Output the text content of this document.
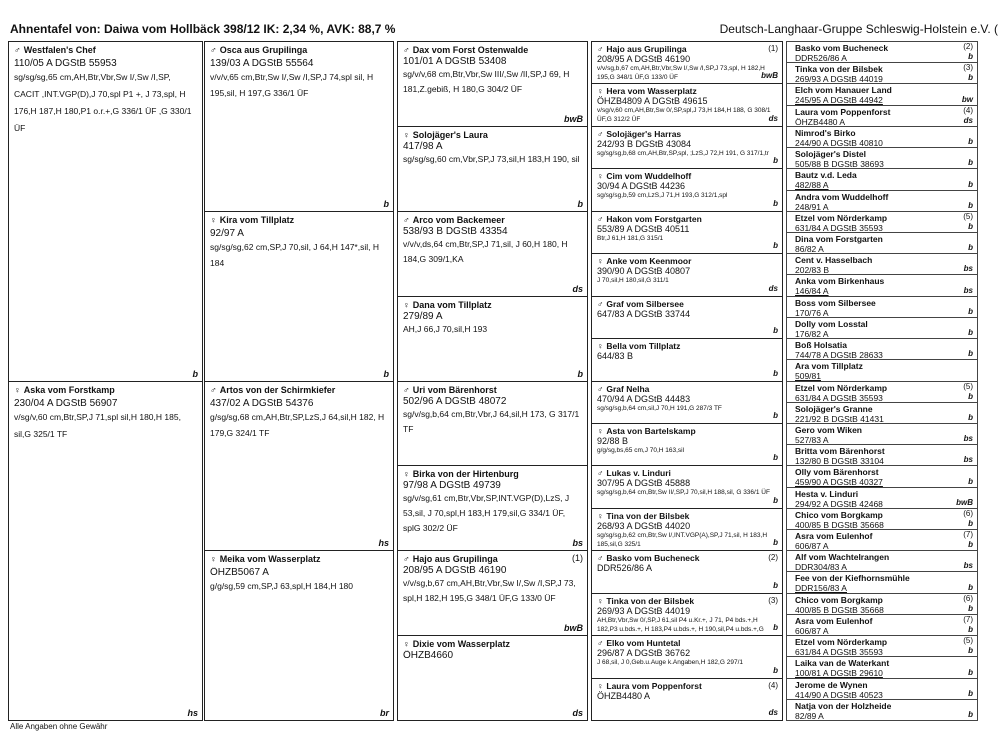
Ahnentafel von: Daiwa vom Hollbäck 398/12 IK: 2,34 %, AVK: 88,7 %	Deutsch-Langhaar-Gruppe Schleswig-Holstein e.V. (
♂ Westfalen's Chef
110/05 A DGStB 55953
sg/sg/sg,65 cm,AH,Btr,Vbr,Sw I/,Sw /I,SP, CACIT ,INT.VGP(D),J 70,spl P1 +, J 73,spl, H 176,H 187,H 180,P1 o.r.+,G 336/1 ÜF ,G 330/1 ÜF
b
♀ Aska vom Forstkamp
230/04 A DGStB 56907
v/sg/v,60 cm,Btr,SP,J 71,spl sil,H 180,H 185, sil,G 325/1 TF
hs
♂ Osca aus Grupilinga
139/03 A DGStB 55564
v/v/v,65 cm,Btr,Sw I/,Sw /I,SP,J 74,spl sil, H 195,sil, H 197,G 336/1 ÜF
b
♀ Kira vom Tillplatz
92/97 A
sg/sg/sg,62 cm,SP,J 70,sil, J 64,H 147*,sil, H 184
b
♂ Artos von der Schirmkiefer
437/02 A DGStB 54376
g/sg/sg,68 cm,AH,Btr,SP,LzS,J 64,sil,H 182, H 179,G 324/1 TF
hs
♀ Meika vom Wasserplatz
ÖHZB5067 A
g/g/sg,59 cm,SP,J 63,spl,H 184,H 180
br
♂ Dax vom Forst Ostenwalde
101/01 A DGStB 53408
sg/v/v,68 cm,Btr,Vbr,Sw III/,Sw /II,SP,J 69, H 181,Z.gebiß, H 180,G 304/2 ÜF
bwB
♀ Solojäger's Laura
417/98 A
sg/sg/sg,60 cm,Vbr,SP,J 73,sil,H 183,H 190, sil
b
♂ Arco vom Backemeer
538/93 B DGStB 43354
v/v/v,ds,64 cm,Btr,SP,J 71,sil, J 60,H 180, H 184,G 309/1,KA
ds
♀ Dana vom Tillplatz
279/89 A
AH,J 66,J 70,sil,H 193
b
♂ Uri vom Bärenhorst
502/96 A DGStB 48072
sg/v/sg,b,64 cm,Btr,Vbr,J 64,sil,H 173, G 317/1 TF
♀ Birka von der Hirtenburg
97/98 A DGStB 49739
sg/v/sg,61 cm,Btr,Vbr,SP,INT.VGP(D),LzS, J 53,sil, J 70,spl,H 183,H 179,sil,G 334/1 ÜF, splG 302/2 ÜF
bs
♂ Hajo aus Grupilinga
208/95 A DGStB 46190
v/v/sg,b,67 cm,AH,Btr,Vbr,Sw I/,Sw /I,SP,J 73, spl,H 182,H 195,G 348/1 ÜF,G 133/0 ÜF
(1)
bwB
♀ Dixie vom Wasserplatz
ÖHZB4660
ds
♂ Hajo aus Grupilinga
208/95 A DGStB 46190
v/v/sg,b,67 cm,AH,Btr,Vbr,Sw I/,Sw /I,SP,J 73,spl, H 182,H 195,G 348/1 ÜF,G 133/0 ÜF
(1)
bwB
♀ Hera vom Wasserplatz
ÖHZB4809 A DGStB 49615
v/sg/v,60 cm,AH,Btr,Sw 0/,SP,spl,J 73,H 184,H 188, G 308/1 ÜF,G 312/2 ÜF	ds
♂ Solojäger's Harras
242/93 B DGStB 43084
sg/sg/sg,b,68 cm,AH,Btr,SP,spl, ;LzS,J 72,H 191, G 317/1,tr
b
♀ Cim vom Wuddelhoff
30/94 A DGStB 44236
sg/sg/sg,b,59 cm,LzS,J 71,H 193,G 312/1,spl
b
♂ Hakon vom Forstgarten
553/89 A DGStB 40511
Btr,J 61,H 181,G 315/1
b
♀ Anke vom Keenmoor
390/90 A DGStB 40807
J 70,sil,H 180,sil,G 311/1
ds
♂ Graf vom Silbersee
647/83 A DGStB 33744
b
♀ Bella vom Tillplatz
644/83 B
b
♂ Graf Nelha
470/94 A DGStB 44483
sg/sg/sg,b,64 cm,sil,J 70,H 191,G 287/3 TF
b
♀ Asta von Bartelskamp
92/88 B
g/g/sg,bs,65 cm,J 70,H 163,sil
b
♂ Lukas v. Linduri
307/95 A DGStB 45888
sg/sg/sg,b,64 cm,Btr,Sw II/,SP,J 70,sil,H 188,sil, G 336/1 ÜF
b
♀ Tina von der Bilsbek
268/93 A DGStB 44020
sg/sg/sg,b,62 cm,Btr,Sw I/,INT.VGP(A),SP,J 71,sil, H 183,H 185,sil,G 325/1	b
♂ Basko vom Bucheneck
DDR526/86 A
(2)
b
♀ Tinka von der Bilsbek
269/93 A DGStB 44019
AH,Btr,Vbr,Sw 0/,SP,J 61,sil P4 u.Kr.+, J 71, P4 bds.+,H 182,P3 u.bds.+, H 183,P4 u.bds.+, H 190,sil,P4 u.bds.+,G
(3)
b
♂ Elko vom Huntetal
296/87 A DGStB 36762
J 68,sil, J 0,Geb.u.Auge k.Angaben,H 182,G 297/1
b
♀ Laura vom Poppenforst
ÖHZB4480 A
(4)
ds
Basko vom Bucheneck
DDR526/86 A
(2)
b
Tinka von der Bilsbek
269/93 A DGStB 44019
(3)
b
Elch vom Hanauer Land
245/95 A DGStB 44942	bw
Laura vom Poppenforst
ÖHZB4480 A
(4)
ds
Nimrod's Birko
244/90 A DGStB 40810	b
Solojäger's Distel
505/88 B DGStB 38693	b
Bautz v.d. Leda
482/88 A	b
Andra vom Wuddelhoff
248/91 A	b
Etzel vom Nörderkamp
631/84 A DGStB 35593
(5)
b
Dina vom Forstgarten
86/82 A	b
Cent v. Hasselbach
202/83 B	bs
Anka vom Birkenhaus
146/84 A	bs
Boss vom Silbersee
170/76 A	b
Dolly vom Losstal
176/82 A	b
Boß Holsatia
744/78 A DGStB 28633	b
Ara vom Tillplatz
509/81
Etzel vom Nörderkamp
631/84 A DGStB 35593
(5)
b
Solojäger's Granne
221/92 B DGStB 41431	b
Gero vom Wiken
527/83 A	bs
Britta vom Bärenhorst
132/80 B DGStB 33104	bs
Olly vom Bärenhorst
459/90 A DGStB 40327	b
Hesta v. Linduri
294/92 A DGStB 42468	bwB
Chico vom Borgkamp
400/85 B DGStB 35668
(6)
b
Asra vom Eulenhof
606/87 A
(7)
b
Alf vom Wachtelrangen
DDR304/83 A	bs
Fee von der Kiefhornsmühle
DDR156/83 A	b
Chico vom Borgkamp
400/85 B DGStB 35668
(6)
b
Asra vom Eulenhof
606/87 A
(7)
b
Etzel vom Nörderkamp
631/84 A DGStB 35593
(5)
b
Laika van de Waterkant
100/81 A DGStB 29610	b
Jerome de Wynen
414/90 A DGStB 40523	b
Natja von der Holzheide
82/89 A	b
Alle Angaben ohne Gewähr
